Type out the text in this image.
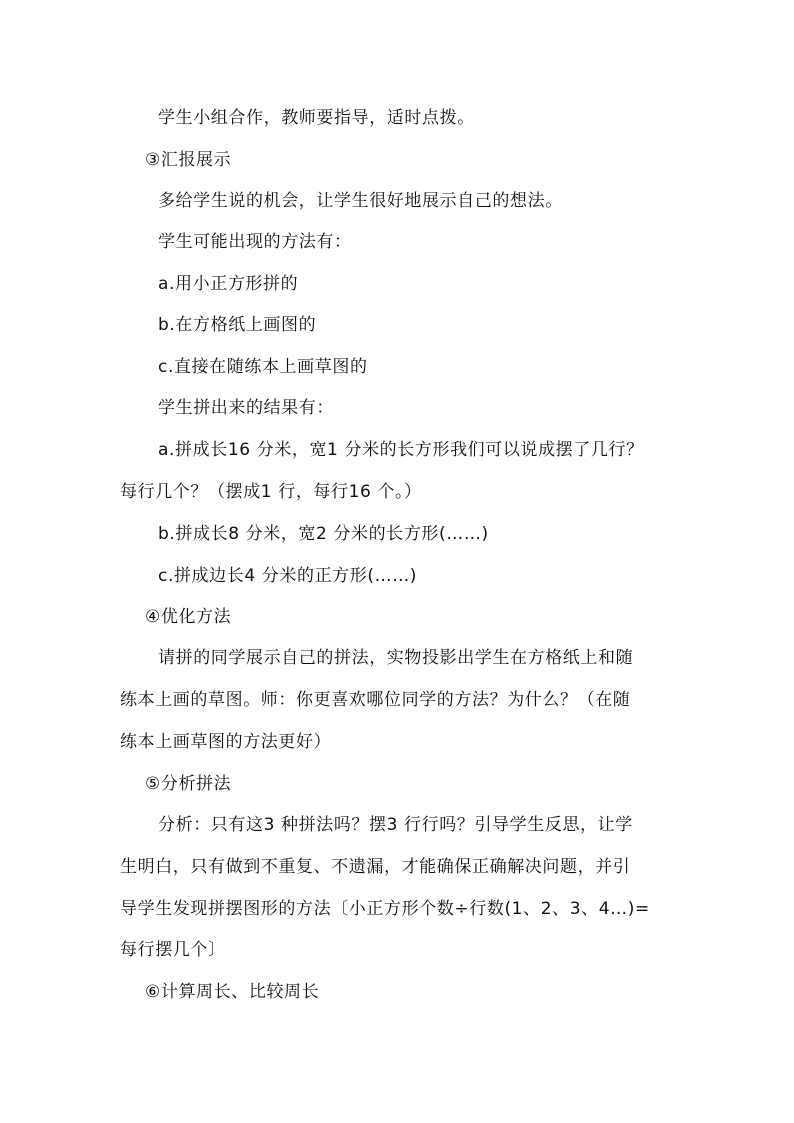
学生小组合作，教师要指导，适时点拨。
③汇报展示
多给学生说的机会，让学生很好地展示自己的想法。
学生可能出现的方法有：
a.用小正方形拼的
b.在方格纸上画图的
c.直接在随练本上画草图的
学生拼出来的结果有：
a.拼成长16 分米，宽1 分米的长方形我们可以说成摆了几行？
每行几个？（摆成1 行，每行16 个。）
b.拼成长8 分米，宽2 分米的长方形(……)
c.拼成边长4 分米的正方形(……)
④优化方法
请拼的同学展示自己的拼法，实物投影出学生在方格纸上和随
练本上画的草图。师：你更喜欢哪位同学的方法？为什么？（在随
练本上画草图的方法更好）
⑤分析拼法
分析：只有这3 种拼法吗？摆3 行行吗？引导学生反思，让学
生明白，只有做到不重复、不遗漏，才能确保正确解决问题，并引
导学生发现拼摆图形的方法〔小正方形个数÷行数(1、2、3、4…)=
每行摆几个〕
⑥计算周长、比较周长
